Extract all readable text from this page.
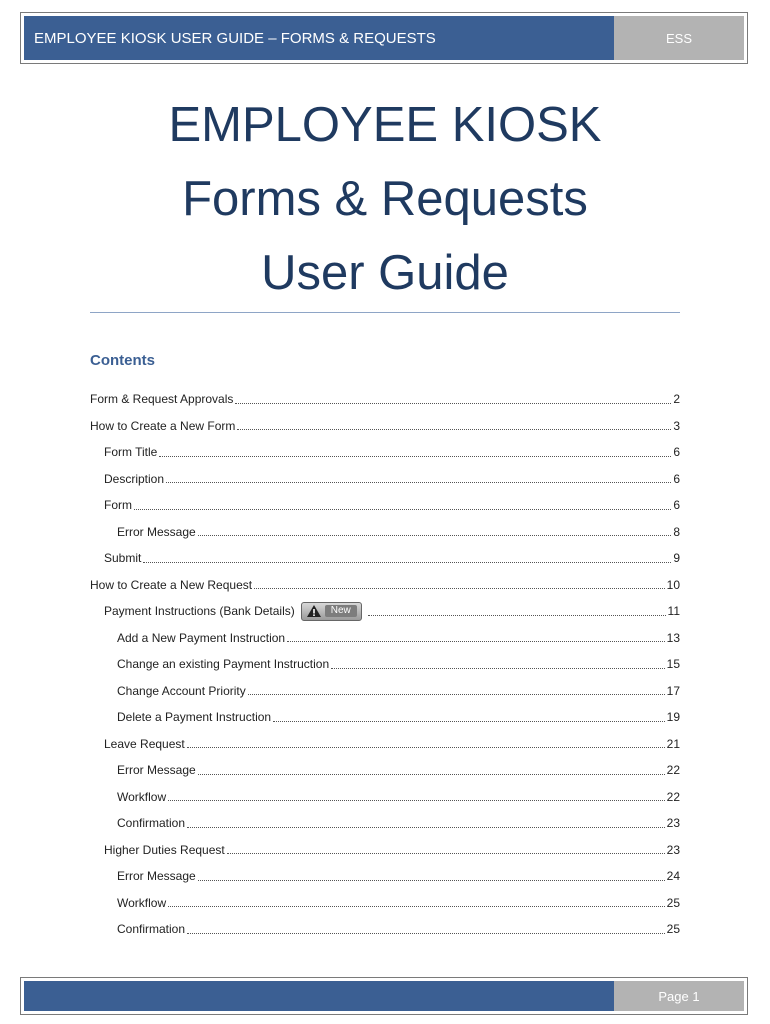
EMPLOYEE KIOSK USER GUIDE – FORMS & REQUESTS	ESS
EMPLOYEE KIOSK
Forms & Requests
User Guide
Contents
Form & Request Approvals	2
How to Create a New Form	3
Form Title	6
Description	6
Form	6
Error Message	8
Submit	9
How to Create a New Request	10
Payment Instructions (Bank Details)	New	11
Add a New Payment Instruction	13
Change an existing Payment Instruction	15
Change Account Priority	17
Delete a Payment Instruction	19
Leave Request	21
Error Message	22
Workflow	22
Confirmation	23
Higher Duties Request	23
Error Message	24
Workflow	25
Confirmation	25
Page 1
